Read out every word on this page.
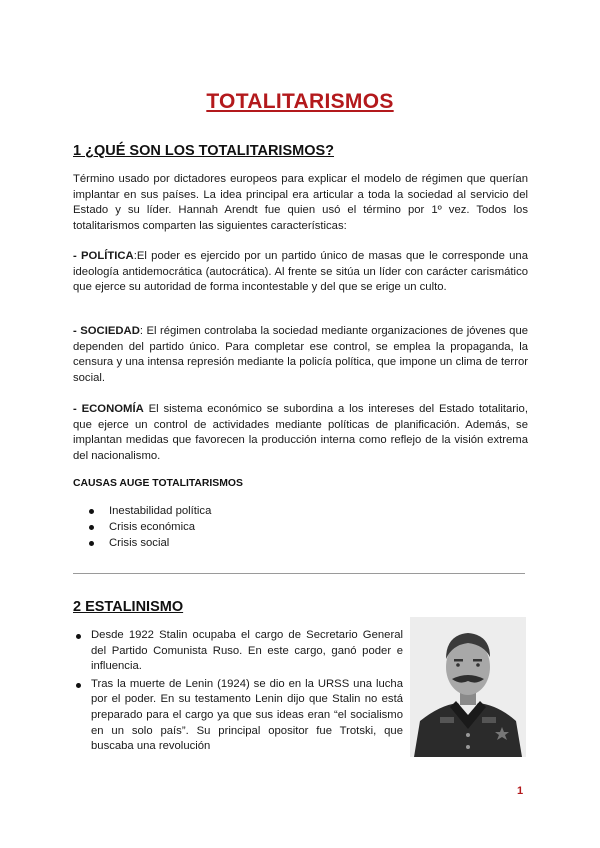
TOTALITARISMOS
1 ¿QUÉ SON LOS TOTALITARISMOS?

Término usado por dictadores europeos para explicar el modelo de régimen que querían implantar en sus países. La idea principal era articular a toda la sociedad al servicio del Estado y su líder. Hannah Arendt fue quien usó el término por 1º vez. Todos los totalitarismos comparten las siguientes características:

- POLÍTICA:El poder es ejercido por un partido único de masas que le corresponde una ideología antidemocrática (autocrática). Al frente se sitúa un líder con carácter carismático que ejerce su autoridad de forma incontestable y del que se erige un culto.

- SOCIEDAD: El régimen controlaba la sociedad mediante organizaciones de jóvenes que dependen del partido único. Para completar ese control, se emplea la propaganda, la censura y una intensa represión mediante la policía política, que impone un clima de terror social.

- ECONOMÍA El sistema económico se subordina a los intereses del Estado totalitario, que ejerce un control de actividades mediante políticas de planificación. Además, se implantan medidas que favorecen la producción interna como reflejo de la visión extrema del nacionalismo.

CAUSAS AUGE TOTALITARISMOS

Inestabilidad política
Crisis económica
Crisis social
2 ESTALINISMO
Desde 1922 Stalin ocupaba el cargo de Secretario General del Partido Comunista Ruso. En este cargo, ganó poder e influencia.
Tras la muerte de Lenin (1924) se dio en la URSS una lucha por el poder. En su testamento Lenin dijo que Stalin no está preparado para el cargo ya que sus ideas eran “el socialismo en un solo país”. Su principal opositor fue Trotski, que buscaba una revolución
1
